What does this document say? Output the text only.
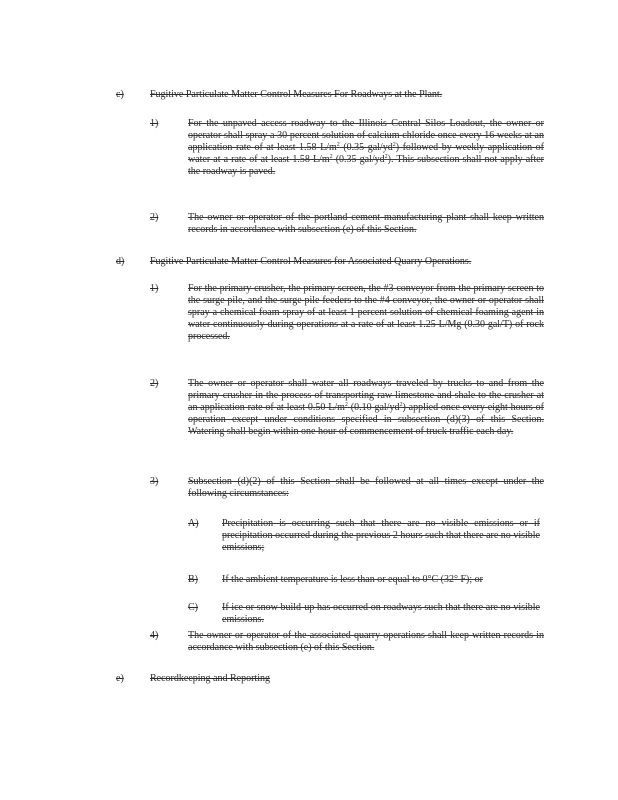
c)	Fugitive Particulate Matter Control Measures For Roadways at the Plant.
1)	For the unpaved access roadway to the Illinois Central Silos Loadout, the owner or operator shall spray a 30 percent solution of calcium chloride once every 16 weeks at an application rate of at least 1.58 $L/m^2$ (0.35 gal/$yd^2$) followed by weekly application of water at a rate of at least 1.58 $L/m^2$ (0.35 gal/$yd^2$). This subsection shall not apply after the roadway is paved.

2)	The owner or operator of the portland cement manufacturing plant shall keep written records in accordance with subsection (e) of this Section.

d)	Fugitive Particulate Matter Control Measures for Associated Quarry Operations.
1)	For the primary crusher, the primary screen, the #3 conveyor from the primary screen to the surge pile, and the surge pile feeders to the #4 conveyor, the owner or operator shall spray a chemical foam spray of at least 1 percent solution of chemical foaming agent in water continuously during operations at a rate of at least 1.25 L/Mg (0.30 gal/T) of rock processed.

2)	The owner or operator shall water all roadways traveled by trucks to and from the primary crusher in the process of transporting raw limestone and shale to the crusher at an application rate of at least 0.50 $L/m^2$ (0.10 gal/$yd^2$) applied once every eight hours of operation except under conditions specified in subsection (d)(3) of this Section. Watering shall begin within one hour of commencement of truck traffic each day.

3)	Subsection (d)(2) of this Section shall be followed at all times except under the following circumstances:

A) Precipitation is occurring such that there are no visible emissions or if precipitation occurred during the previous 2 hours such that there are no visible emissions;

B) If the ambient temperature is less than or equal to 0°C (32° F); or

C) If ice or snow build-up has occurred on roadways such that there are no visible emissions.

4)	The owner or operator of the associated quarry operations shall keep written records in accordance with subsection (e) of this Section.

e)	Recordkeeping and Reporting
